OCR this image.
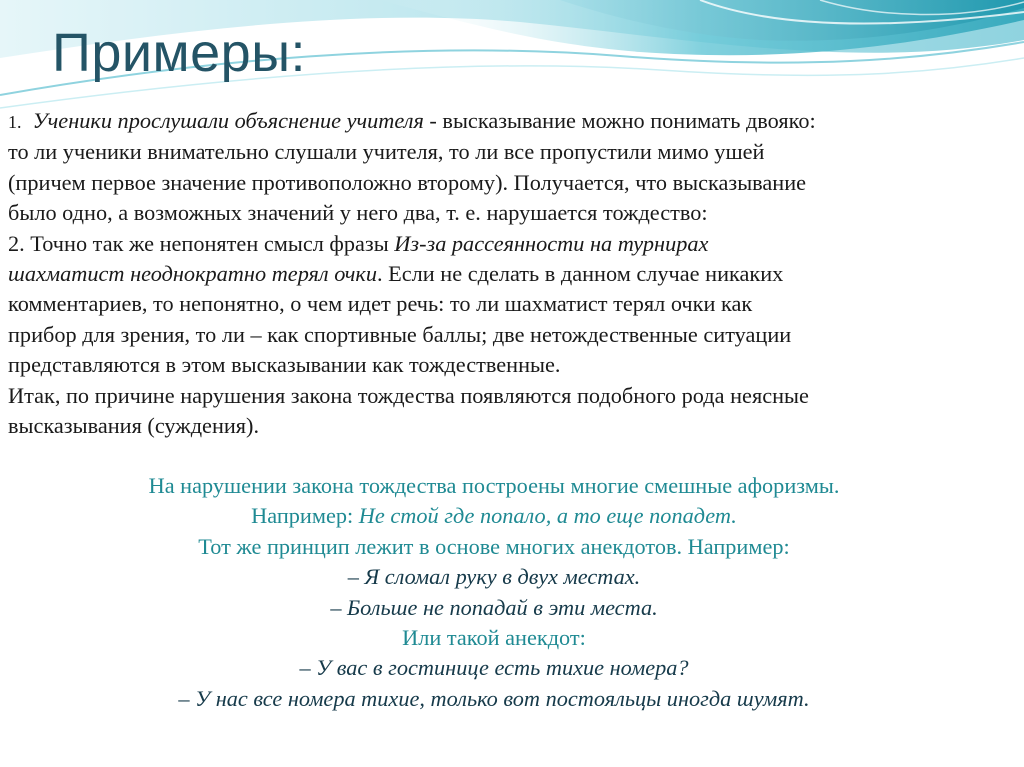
Примеры:
1. Ученики прослушали объяснение учителя - высказывание можно понимать двояко:
то ли ученики внимательно слушали учителя, то ли все пропустили мимо ушей
(причем первое значение противоположно второму). Получается, что высказывание
было одно, а возможных значений у него два, т. е. нарушается тождество:
2. Точно так же непонятен смысл фразы Из-за рассеянности на турнирах
шахматист неоднократно терял очки. Если не сделать в данном случае никаких
комментариев, то непонятно, о чем идет речь: то ли шахматист терял очки как
прибор для зрения, то ли – как спортивные баллы; две нетождественные ситуации
представляются в этом высказывании как тождественные.
Итак, по причине нарушения закона тождества появляются подобного рода неясные
высказывания (суждения).
На нарушении закона тождества построены многие смешные афоризмы.
Например: Не стой где попало, а то еще попадет.
Тот же принцип лежит в основе многих анекдотов. Например:
– Я сломал руку в двух местах.
– Больше не попадай в эти места.
Или такой анекдот:
– У вас в гостинице есть тихие номера?
– У нас все номера тихие, только вот постояльцы иногда шумят.
